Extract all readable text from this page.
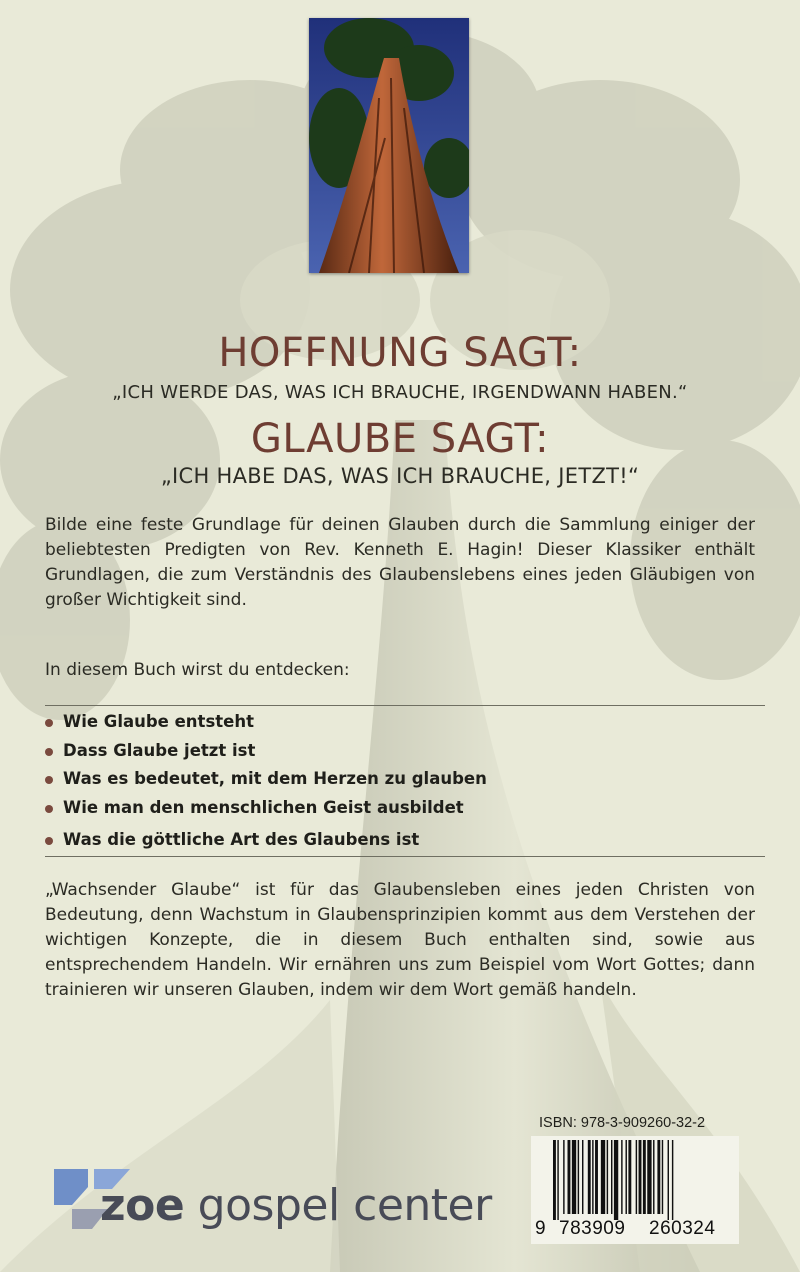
HOFFNUNG SAGT:
„ICH WERDE DAS, WAS ICH BRAUCHE, IRGENDWANN HABEN.“
GLAUBE SAGT:
„ICH HABE DAS, WAS ICH BRAUCHE, JETZT!“
Bilde eine feste Grundlage für deinen Glauben durch die Sammlung einiger der beliebtesten Predigten von Rev. Kenneth E. Hagin! Dieser Klassiker enthält Grundlagen, die zum Verständnis des Glaubenslebens eines jeden Gläubigen von großer Wichtigkeit sind.
In diesem Buch wirst du entdecken:
Wie Glaube entsteht
Dass Glaube jetzt ist
Was es bedeutet, mit dem Herzen zu glauben
Wie man den menschlichen Geist ausbildet
Was die göttliche Art des Glaubens ist
„Wachsender Glaube“ ist für das Glaubensleben eines jeden Christen von Bedeutung, denn Wachstum in Glaubensprinzipien kommt aus dem Verstehen der wichtigen Konzepte, die in diesem Buch enthalten sind, sowie aus entsprechendem Handeln. Wir ernähren uns zum Beispiel vom Wort Gottes; dann trainieren wir unseren Glauben, indem wir dem Wort gemäß handeln.
ISBN: 978-3-909260-32-2
9 783909 260324
zoe gospel center
